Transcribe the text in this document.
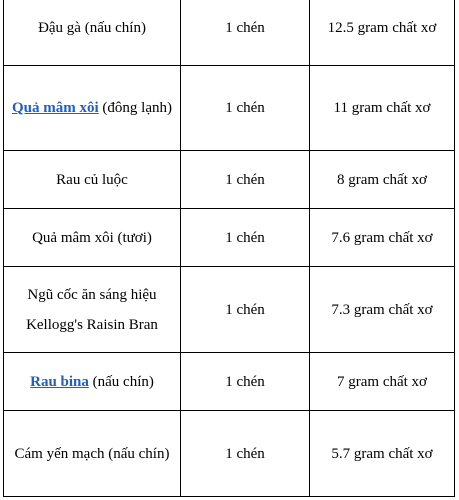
Đậu gà (nấu chín)	1 chén	12.5 gram chất xơ
Quả mâm xôi (đông lạnh)	1 chén	11 gram chất xơ
Rau củ luộc	1 chén	8 gram chất xơ
Quả mâm xôi (tươi)	1 chén	7.6 gram chất xơ
Ngũ cốc ăn sáng hiệu Kellogg's Raisin Bran	1 chén	7.3 gram chất xơ
Rau bina (nấu chín)	1 chén	7 gram chất xơ
Cám yến mạch (nấu chín)	1 chén	5.7 gram chất xơ
